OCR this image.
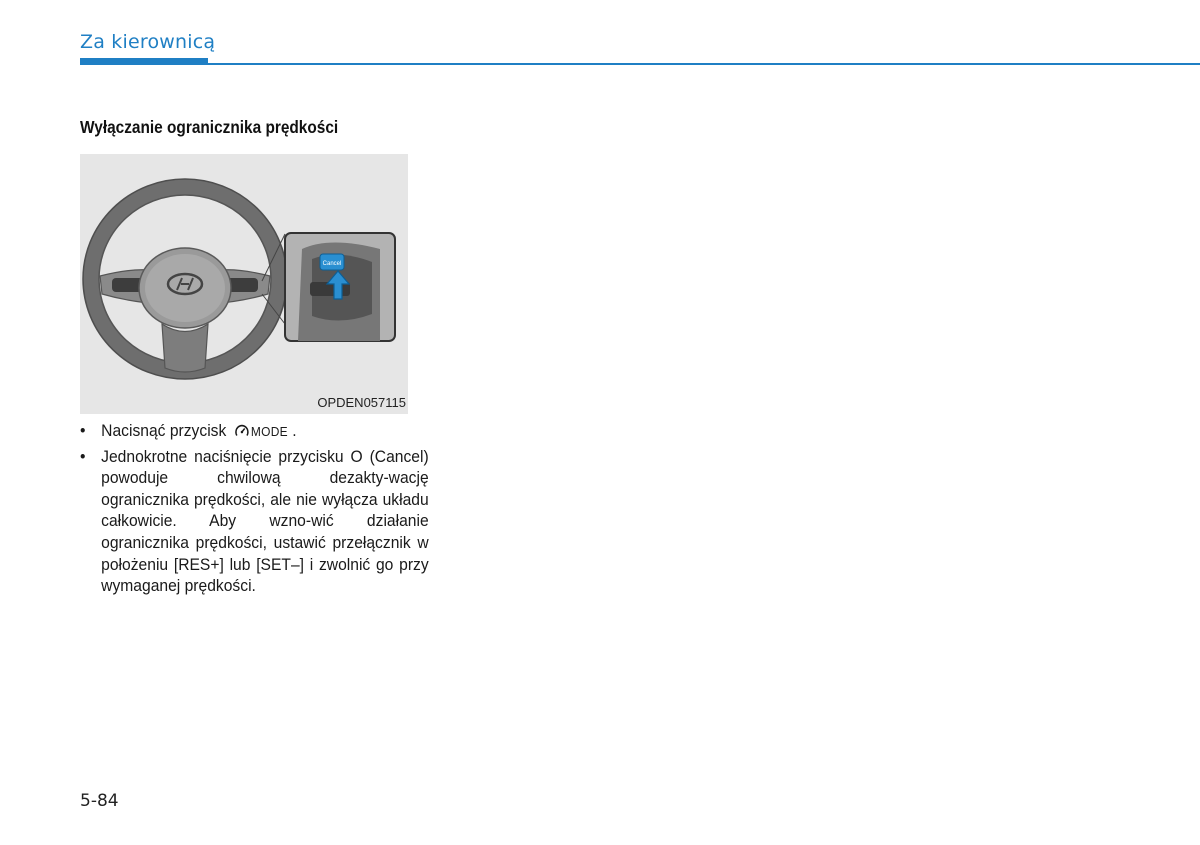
Za kierownicą
Wyłączanie ogranicznika prędkości
Cancel
OPDEN057115
• Nacisnąć przycisk MODE .
• Jednokrotne naciśnięcie przycisku O (Cancel) powoduje chwilową dezakty-wację ogranicznika prędkości, ale nie wyłącza układu całkowicie. Aby wzno-wić działanie ogranicznika prędkości, ustawić przełącznik w położeniu [RES+] lub [SET–] i zwolnić go przy wymaganej prędkości.
5-84
